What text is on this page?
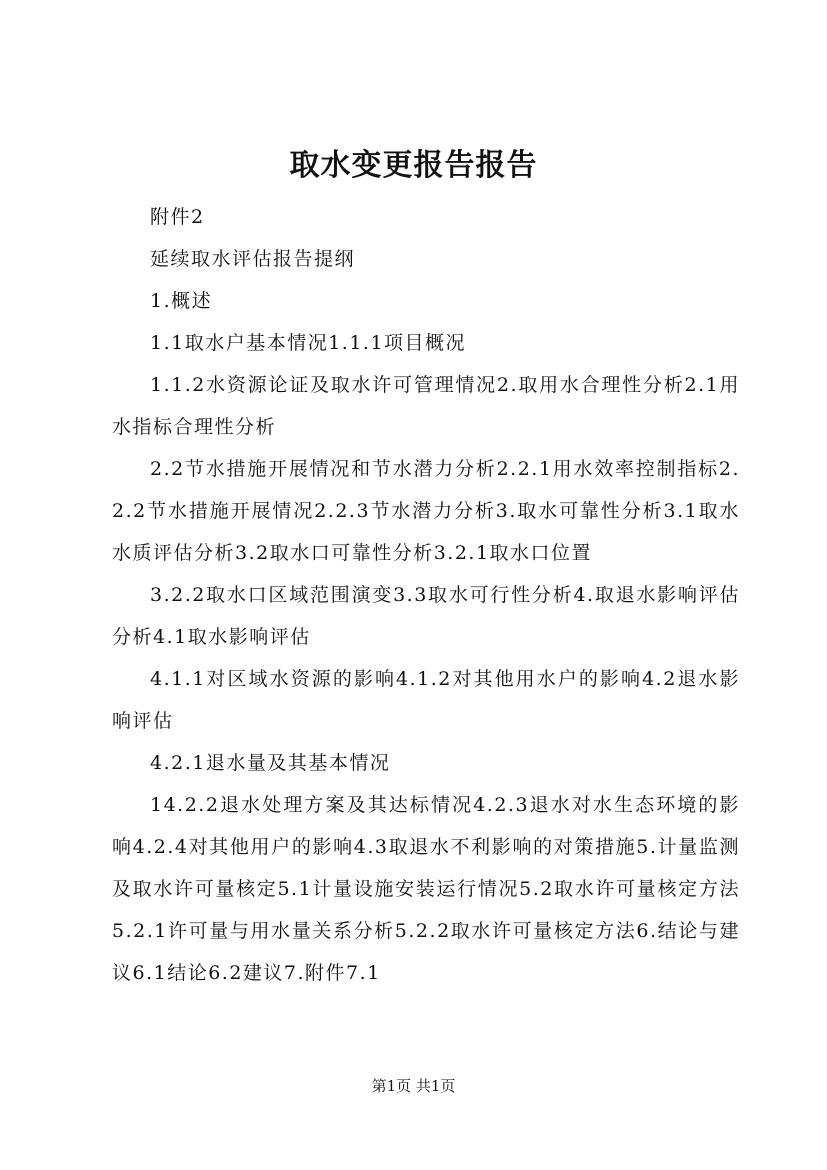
取水变更报告报告

附件2

延续取水评估报告提纲

1.概述

1.1取水户基本情况1.1.1项目概况

1.1.2水资源论证及取水许可管理情况2.取用水合理性分析2.1用水指标合理性分析

2.2节水措施开展情况和节水潜力分析2.2.1用水效率控制指标2.2.2节水措施开展情况2.2.3节水潜力分析3.取水可靠性分析3.1取水水质评估分析3.2取水口可靠性分析3.2.1取水口位置

3.2.2取水口区域范围演变3.3取水可行性分析4.取退水影响评估分析4.1取水影响评估

4.1.1对区域水资源的影响4.1.2对其他用水户的影响4.2退水影响评估

4.2.1退水量及其基本情况

14.2.2退水处理方案及其达标情况4.2.3退水对水生态环境的影响4.2.4对其他用户的影响4.3取退水不利影响的对策措施5.计量监测及取水许可量核定5.1计量设施安装运行情况5.2取水许可量核定方法5.2.1许可量与用水量关系分析5.2.2取水许可量核定方法6.结论与建议6.1结论6.2建议7.附件7.1

第1页 共1页
